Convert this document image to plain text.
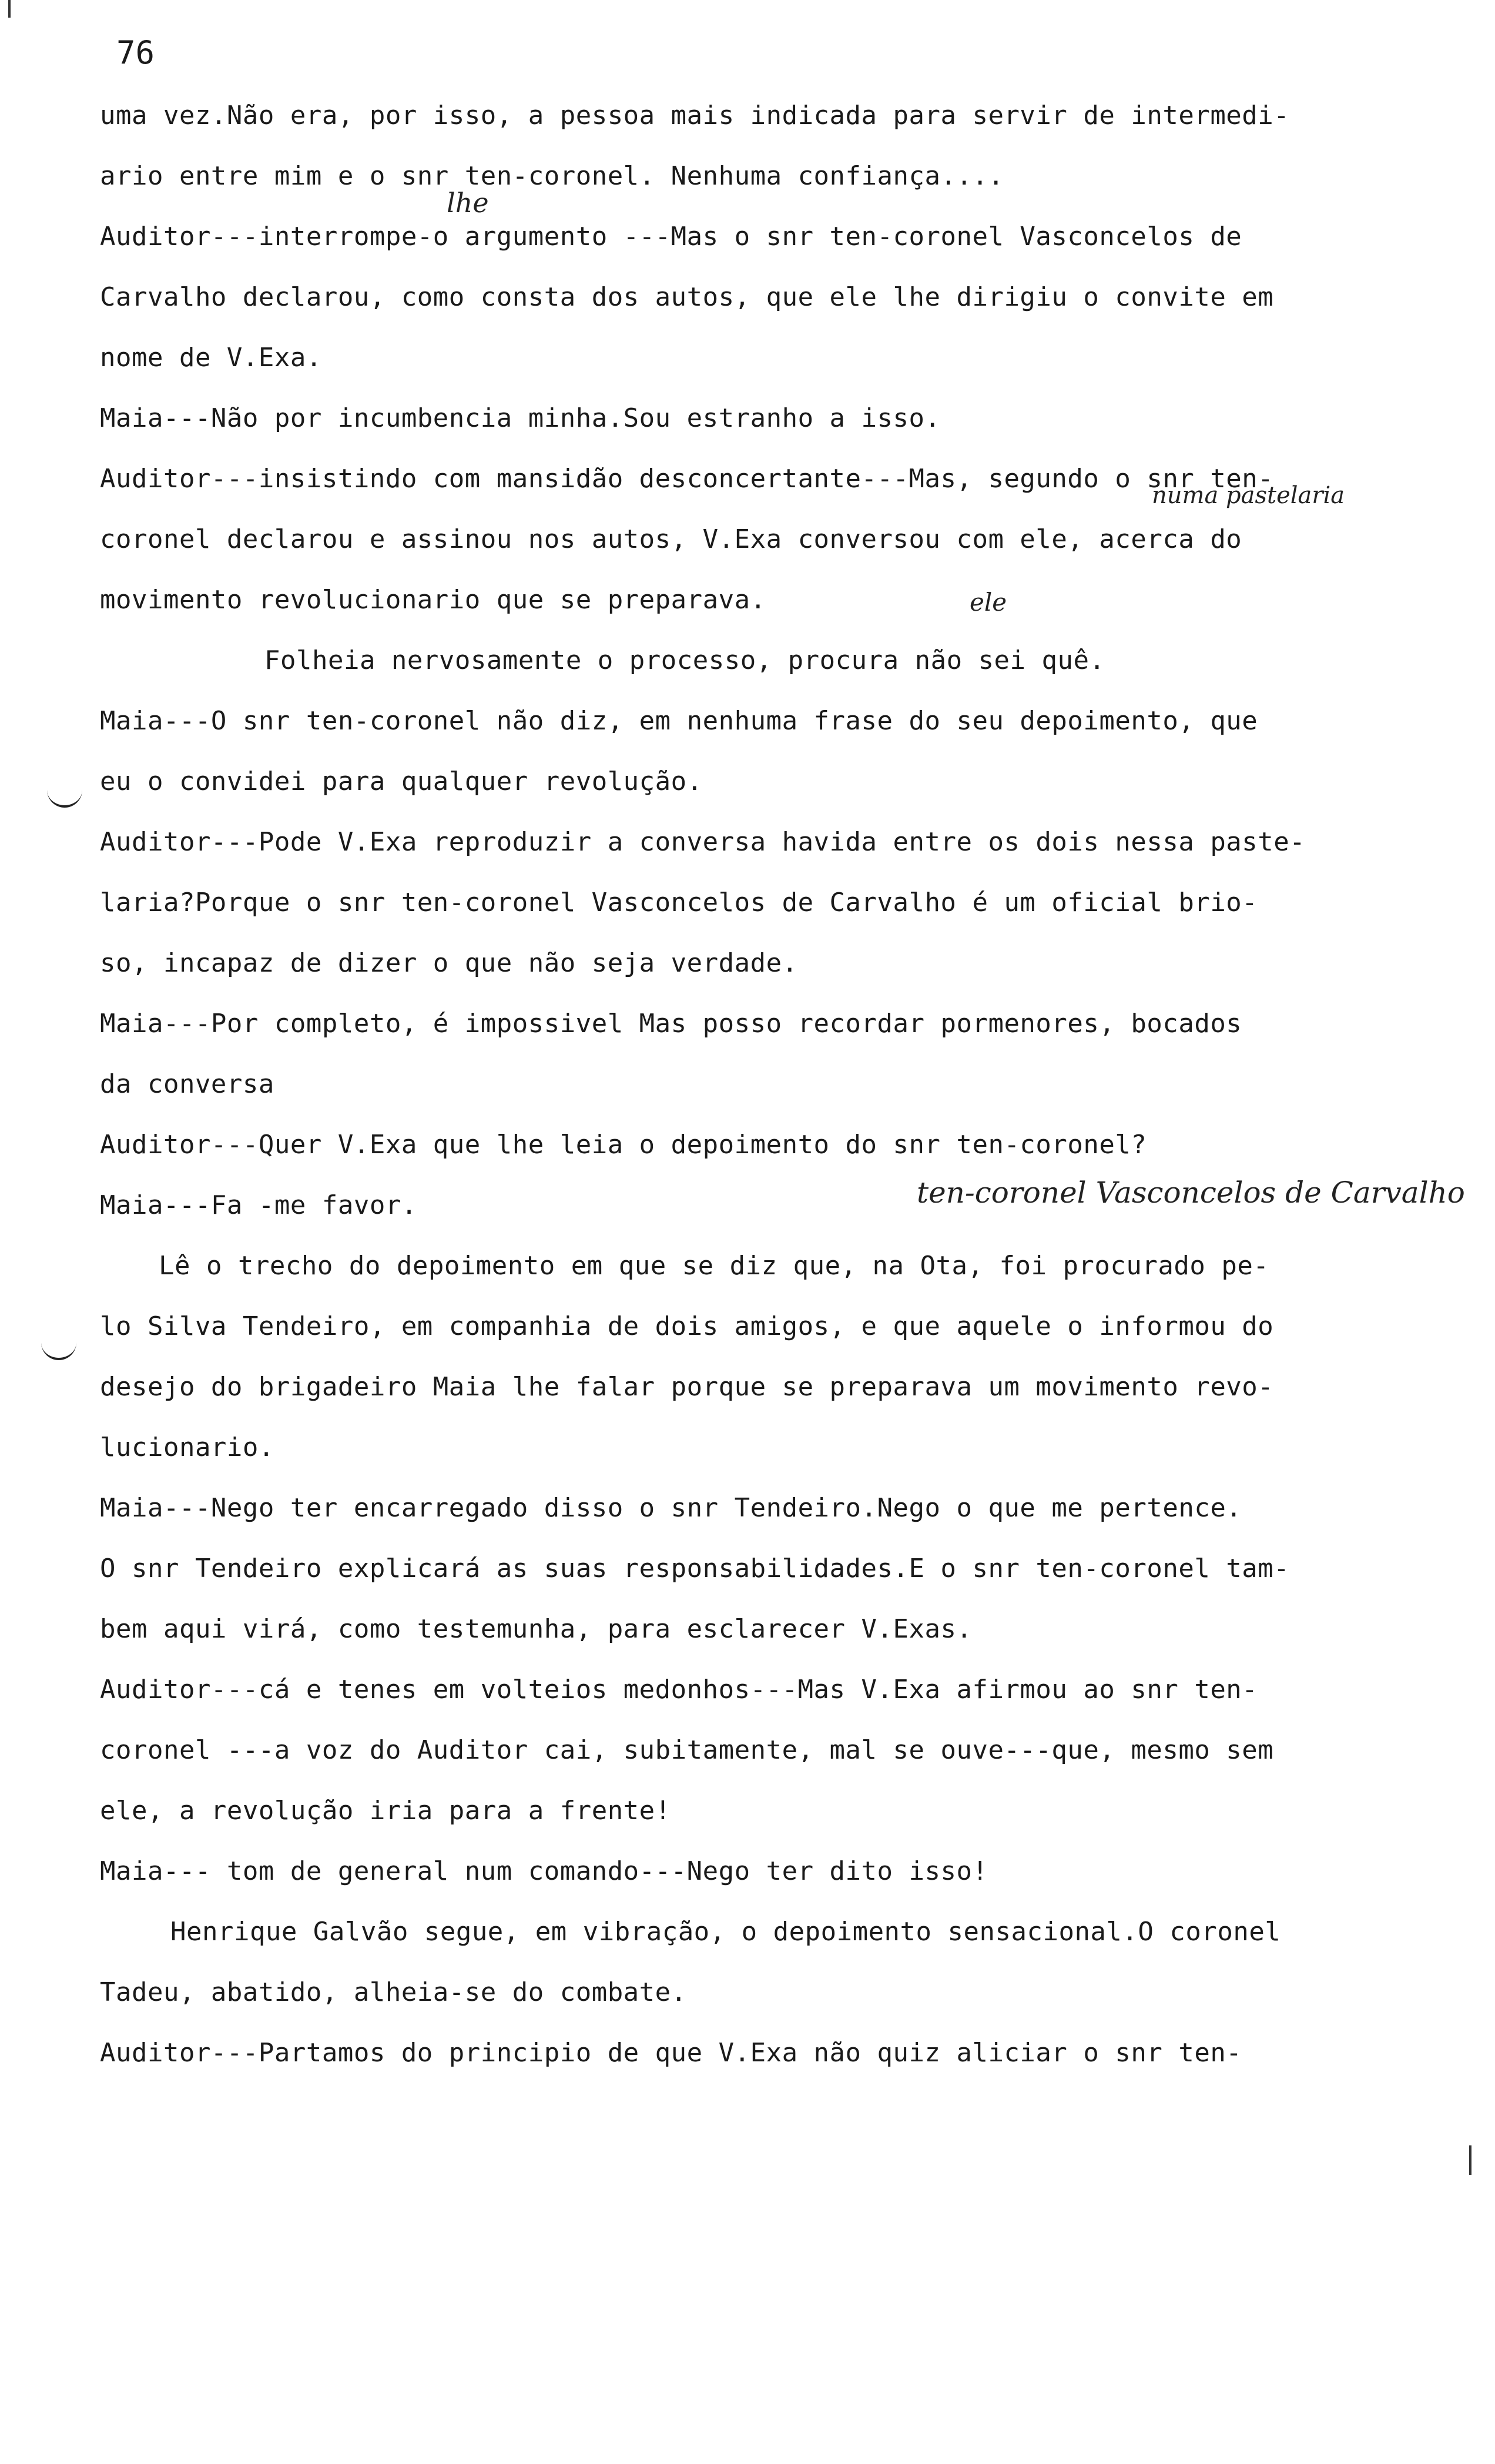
76
uma vez.Não era, por isso, a pessoa mais indicada para servir de intermedi-
ario entre mim e o snr ten-coronel. Nenhuma confiança....
Auditor---interrompe-o argumento ---Mas o snr ten-coronel Vasconcelos de
Carvalho declarou, como consta dos autos, que ele lhe dirigiu o convite em
nome de V.Exa.
Maia---Não por incumbencia minha.Sou estranho a isso.
Auditor---insistindo com mansidão desconcertante---Mas, segundo o snr ten-
coronel declarou e assinou nos autos, V.Exa conversou com ele, acerca do
movimento revolucionario que se preparava.
Folheia nervosamente o processo, procura não sei quê.
Maia---O snr ten-coronel não diz, em nenhuma frase do seu depoimento, que
eu o convidei para qualquer revolução.
Auditor---Pode V.Exa reproduzir a conversa havida entre os dois nessa paste-
laria?Porque o snr ten-coronel Vasconcelos de Carvalho é um oficial brio-
so, incapaz de dizer o que não seja verdade.
Maia---Por completo, é impossivel Mas posso recordar pormenores, bocados
da conversa
Auditor---Quer V.Exa que lhe leia o depoimento do snr ten-coronel?
Maia---Fa -me favor.
Lê o trecho do depoimento em que se diz que, na Ota, foi procurado pe-
lo Silva Tendeiro, em companhia de dois amigos, e que aquele o informou do
desejo do brigadeiro Maia lhe falar porque se preparava um movimento revo-
lucionario.
Maia---Nego ter encarregado disso o snr Tendeiro.Nego o que me pertence.
O snr Tendeiro explicará as suas responsabilidades.E o snr ten-coronel tam-
bem aqui virá, como testemunha, para esclarecer V.Exas.
Auditor---cá e tenes em volteios medonhos---Mas V.Exa afirmou ao snr ten-
coronel ---a voz do Auditor cai, subitamente, mal se ouve---que, mesmo sem
ele, a revolução iria para a frente!
Maia--- tom de general num comando---Nego ter dito isso!
Henrique Galvão segue, em vibração, o depoimento sensacional.O coronel
Tadeu, abatido, alheia-se do combate.
Auditor---Partamos do principio de que V.Exa não quiz aliciar o snr ten-
lhe
numa pastelaria
ele
ten-coronel Vasconcelos de Carvalho
